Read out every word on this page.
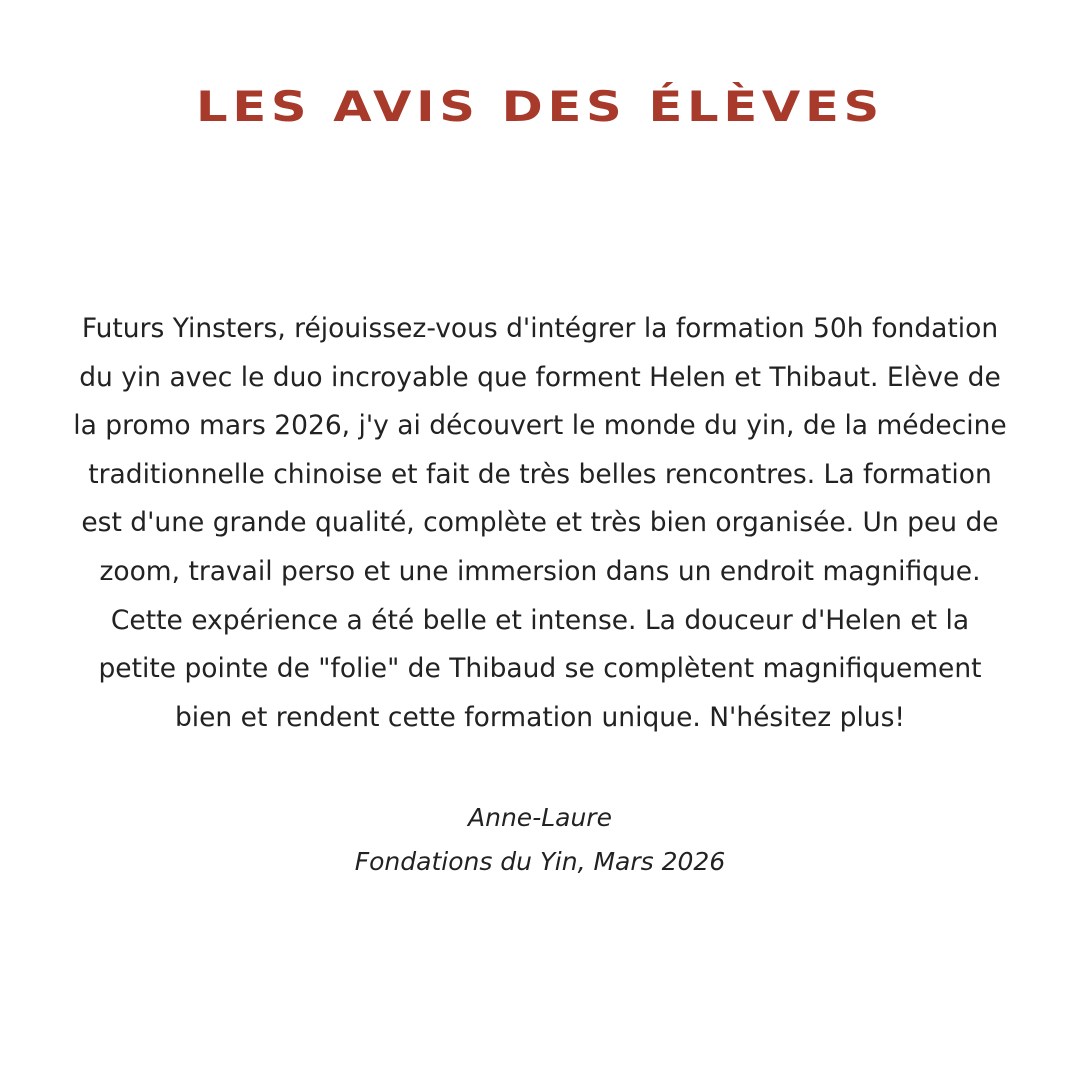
LES AVIS DES ÉLÈVES

Futurs Yinsters, réjouissez-vous d'intégrer la formation 50h fondation
du yin avec le duo incroyable que forment Helen et Thibaut. Elève de
la promo mars 2026, j'y ai découvert le monde du yin, de la médecine
traditionnelle chinoise et fait de très belles rencontres. La formation
est d'une grande qualité, complète et très bien organisée. Un peu de
zoom, travail perso et une immersion dans un endroit magnifique.
Cette expérience a été belle et intense. La douceur d'Helen et la
petite pointe de "folie" de Thibaud se complètent magnifiquement
bien et rendent cette formation unique. N'hésitez plus!

Anne-Laure
Fondations du Yin, Mars 2026
